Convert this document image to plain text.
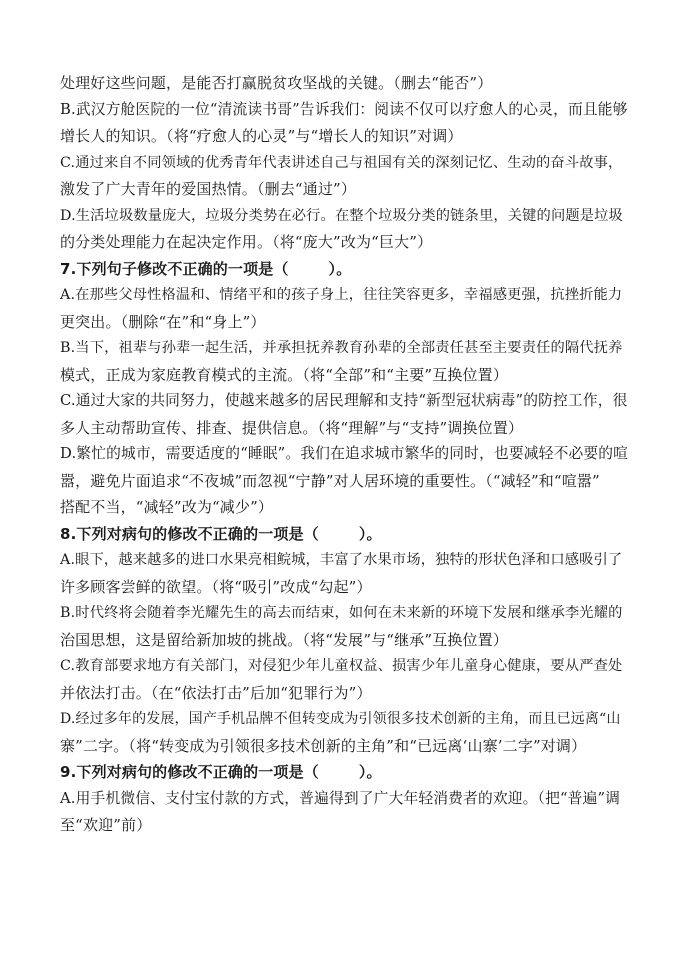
处理好这些问题，是能否打赢脱贫攻坚战的关键。（删去“能否”）
B.武汉方舱医院的一位“清流读书哥”告诉我们：阅读不仅可以疗愈人的心灵，而且能够
增长人的知识。（将“疗愈人的心灵”与“增长人的知识”对调）
C.通过来自不同领域的优秀青年代表讲述自己与祖国有关的深刻记忆、生动的奋斗故事，
激发了广大青年的爱国热情。（删去“通过”）
D.生活垃圾数量庞大，垃圾分类势在必行。在整个垃圾分类的链条里，关键的问题是垃圾
的分类处理能力在起决定作用。（将“庞大”改为“巨大”）
7.下列句子修改不正确的一项是（	）。
A.在那些父母性格温和、情绪平和的孩子身上，往往笑容更多，幸福感更强，抗挫折能力
更突出。（删除“在”和“身上”）
B.当下，祖辈与孙辈一起生活，并承担抚养教育孙辈的全部责任甚至主要责任的隔代抚养
模式，正成为家庭教育模式的主流。（将“全部”和“主要”互换位置）
C.通过大家的共同努力，使越来越多的居民理解和支持“新型冠状病毒”的防控工作，很
多人主动帮助宣传、排查、提供信息。（将“理解”与“支持”调换位置）
D.繁忙的城市，需要适度的“睡眠”。我们在追求城市繁华的同时，也要减轻不必要的喧
嚣，避免片面追求“不夜城”而忽视“宁静”对人居环境的重要性。（“减轻”和“喧嚣”
搭配不当，“减轻”改为“减少”）
8.下列对病句的修改不正确的一项是（	）。
A.眼下，越来越多的进口水果亮相鲩城，丰富了水果市场，独特的形状色泽和口感吸引了
许多顾客尝鲜的欲望。（将“吸引”改成“勾起”）
B.时代终将会随着李光耀先生的高去而结束，如何在未来新的环境下发展和继承李光耀的
治国思想，这是留给新加坡的挑战。（将“发展”与“继承”互换位置）
C.教育部要求地方有关部门，对侵犯少年儿童权益、损害少年儿童身心健康，要从严查处
并依法打击。（在“依法打击”后加“犯罪行为”）
D.经过多年的发展，国产手机品牌不但转变成为引领很多技术创新的主角，而且已远离“山
寨”二字。（将“转变成为引领很多技术创新的主角”和“已远离‘山寨’二字”对调）
9.下列对病句的修改不正确的一项是（	）。
A.用手机微信、支付宝付款的方式，普遍得到了广大年轻消费者的欢迎。（把“普遍”调
至“欢迎”前）
